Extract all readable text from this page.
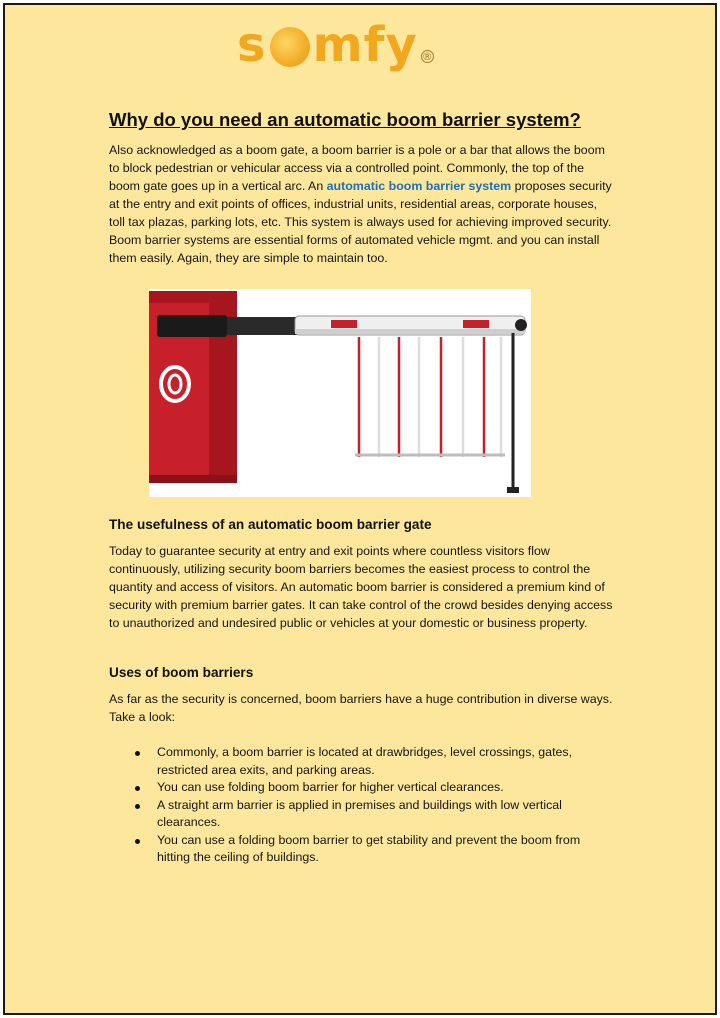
s mfy ®
Why do you need an automatic boom barrier system?

Also acknowledged as a boom gate, a boom barrier is a pole or a bar that allows the boom to block pedestrian or vehicular access via a controlled point. Commonly, the top of the boom gate goes up in a vertical arc. An automatic boom barrier system proposes security at the entry and exit points of offices, industrial units, residential areas, corporate houses, toll tax plazas, parking lots, etc. This system is always used for achieving improved security. Boom barrier systems are essential forms of automated vehicle mgmt. and you can install them easily. Again, they are simple to maintain too.

The usefulness of an automatic boom barrier gate

Today to guarantee security at entry and exit points where countless visitors flow continuously, utilizing security boom barriers becomes the easiest process to control the quantity and access of visitors. An automatic boom barrier is considered a premium kind of security with premium barrier gates. It can take control of the crowd besides denying access to unauthorized and undesired public or vehicles at your domestic or business property.

Uses of boom barriers

As far as the security is concerned, boom barriers have a huge contribution in diverse ways. Take a look:

Commonly, a boom barrier is located at drawbridges, level crossings, gates, restricted area exits, and parking areas.
You can use folding boom barrier for higher vertical clearances.
A straight arm barrier is applied in premises and buildings with low vertical clearances.
You can use a folding boom barrier to get stability and prevent the boom from hitting the ceiling of buildings.
